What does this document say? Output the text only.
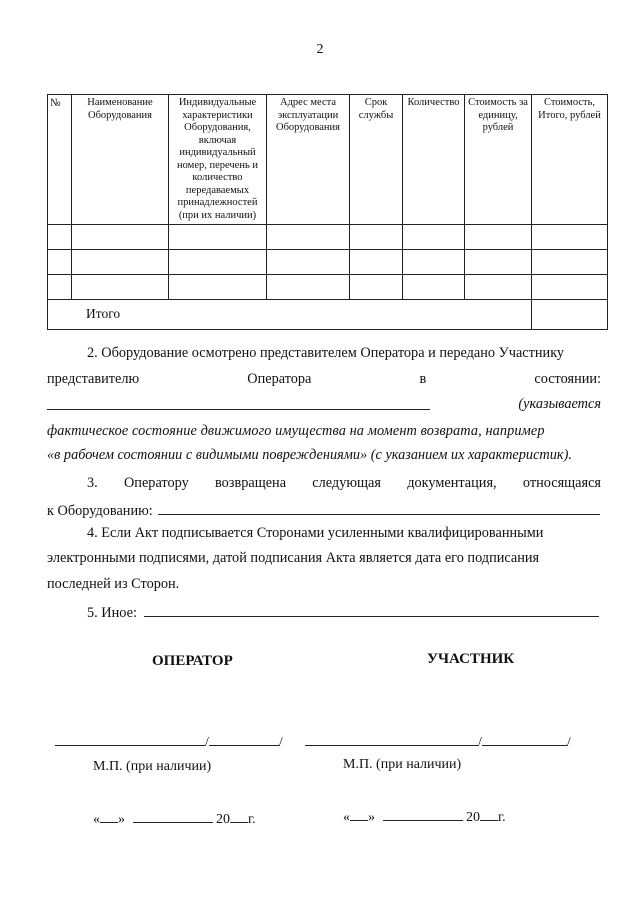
2
№	Наименование Оборудования	Индивидуальные характеристики Оборудования, включая индивидуальный номер, перечень и количество передаваемых принадлежностей (при их наличии)	Адрес места эксплуатации Оборудования	Срок службы	Количество	Стоимость за единицу, рублей	Стоимость, Итого, рублей

Итого							
2. Оборудование осмотрено представителем Оператора и передано Участнику
представителю	Оператора	в	состоянии:
(указывается
фактическое состояние движимого имущества на момент возврата, например
«в рабочем состоянии с видимыми повреждениями» (с указанием их характеристик).
3. Оператору возвращена следующая документация, относящаяся
к Оборудованию:
4. Если Акт подписывается Сторонами усиленными квалифицированными
электронными подписями, датой подписания Акта является дата его подписания
последней из Сторон.
5. Иное:
ОПЕРАТОР	УЧАСТНИК
/	/	/	/
М.П. (при наличии)	М.П. (при наличии)
« »	20 г.	« »	20 г.
